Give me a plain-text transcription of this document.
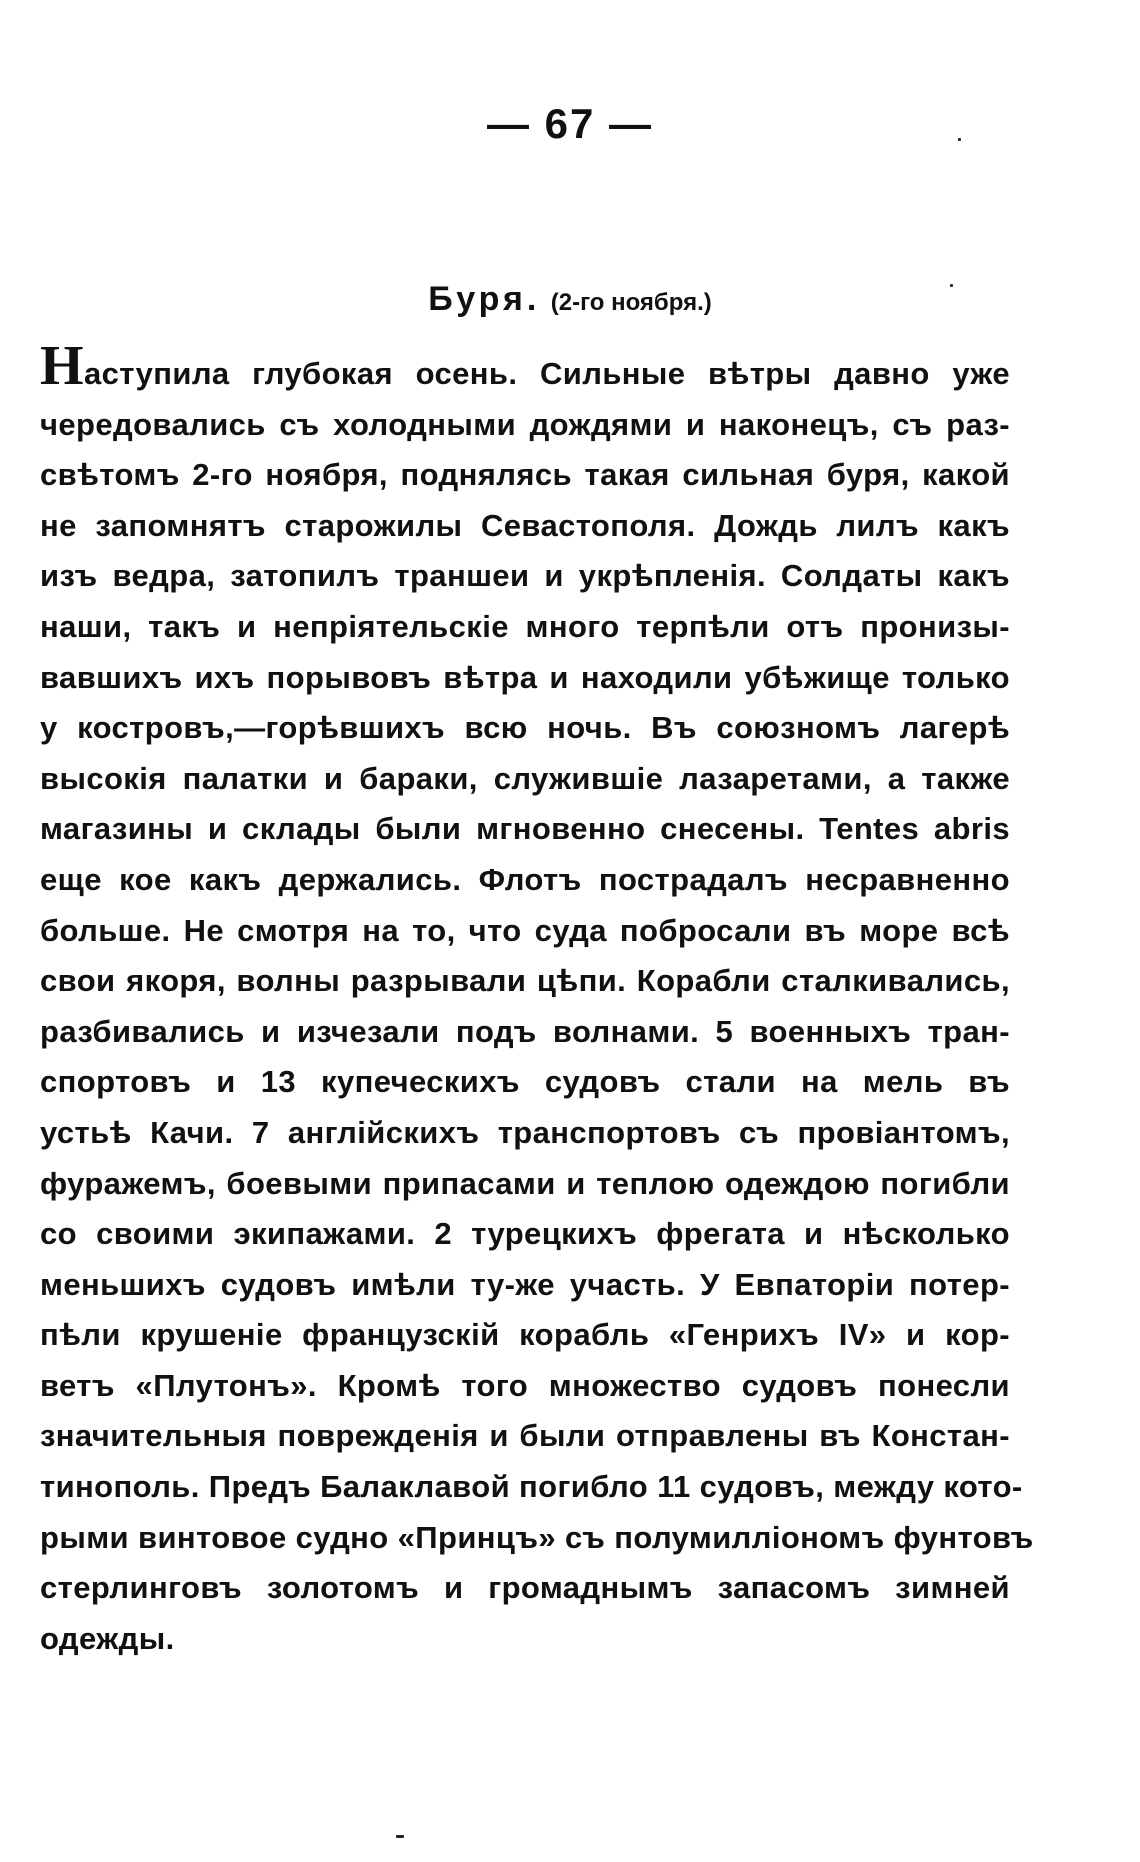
— 67 —
Буря. (2-го ноября.)
Наступила глубокая осень. Сильные вѣтры давно уже
чередовались съ холодными дождями и наконецъ, съ раз-
свѣтомъ 2-го ноября, поднялясь такая сильная буря, какой
не запомнятъ старожилы Севастополя. Дождь лилъ какъ
изъ ведра, затопилъ траншеи и укрѣпленія. Солдаты какъ
наши, такъ и непріятельскіе много терпѣли отъ пронизы-
вавшихъ ихъ порывовъ вѣтра и находили убѣжище только
у костровъ,—горѣвшихъ всю ночь. Въ союзномъ лагерѣ
высокія палатки и бараки, служившіе лазаретами, а также
магазины и склады были мгновенно снесены. Tentes abris
еще кое какъ держались. Флотъ пострадалъ несравненно
больше. Не смотря на то, что суда побросали въ море всѣ
свои якоря, волны разрывали цѣпи. Корабли сталкивались,
разбивались и изчезали подъ волнами. 5 военныхъ тран-
спортовъ и 13 купеческихъ судовъ стали на мель въ
устьѣ Качи. 7 англійскихъ транспортовъ съ провіантомъ,
фуражемъ, боевыми припасами и теплою одеждою погибли
со своими экипажами. 2 турецкихъ фрегата и нѣсколько
меньшихъ судовъ имѣли ту-же участь. У Евпаторіи потер-
пѣли крушеніе французскій корабль «Генрихъ IV» и кор-
ветъ «Плутонъ». Кромѣ того множество судовъ понесли
значительныя поврежденія и были отправлены въ Констан-
тинополь. Предъ Балаклавой погибло 11 судовъ, между кото-
рыми винтовое судно «Принцъ» съ полумилліономъ фунтовъ
стерлинговъ золотомъ и громаднымъ запасомъ зимней
одежды.
